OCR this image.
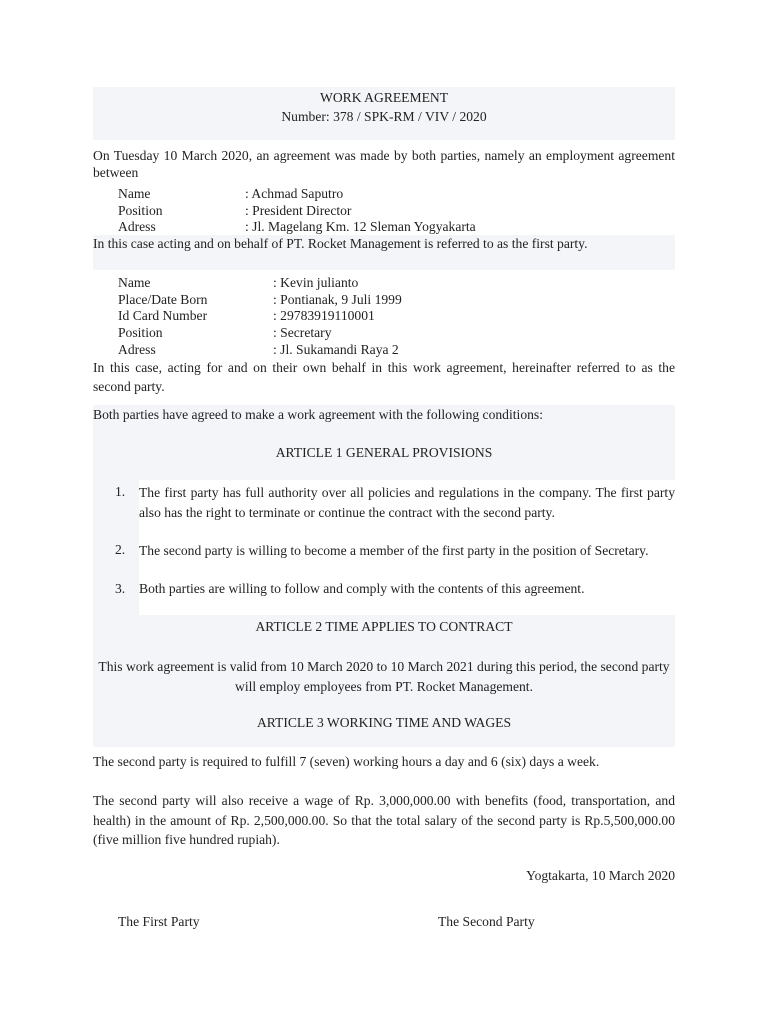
WORK AGREEMENT
Number: 378 / SPK-RM / VIV / 2020
On Tuesday 10 March 2020, an agreement was made by both parties, namely an employment agreement between
Name	: Achmad Saputro
Position	: President Director
Adress	: Jl. Magelang Km. 12 Sleman Yogyakarta
In this case acting and on behalf of PT. Rocket Management is referred to as the first party.
Name	: Kevin julianto
Place/Date Born	: Pontianak, 9 Juli 1999
Id Card Number	: 29783919110001
Position	: Secretary
Adress	: Jl. Sukamandi Raya 2
In this case, acting for and on their own behalf in this work agreement, hereinafter referred to as the second party.
Both parties have agreed to make a work agreement with the following conditions:
ARTICLE 1 GENERAL PROVISIONS
1. The first party has full authority over all policies and regulations in the company. The first party also has the right to terminate or continue the contract with the second party.
2. The second party is willing to become a member of the first party in the position of Secretary.
3. Both parties are willing to follow and comply with the contents of this agreement.
ARTICLE 2 TIME APPLIES TO CONTRACT
This work agreement is valid from 10 March 2020 to 10 March 2021 during this period, the second party will employ employees from PT. Rocket Management.
ARTICLE 3 WORKING TIME AND WAGES
The second party is required to fulfill 7 (seven) working hours a day and 6 (six) days a week.
The second party will also receive a wage of Rp. 3,000,000.00 with benefits (food, transportation, and health) in the amount of Rp. 2,500,000.00. So that the total salary of the second party is Rp.5,500,000.00 (five million five hundred rupiah).
Yogtakarta, 10 March 2020
The First Party	The Second Party
